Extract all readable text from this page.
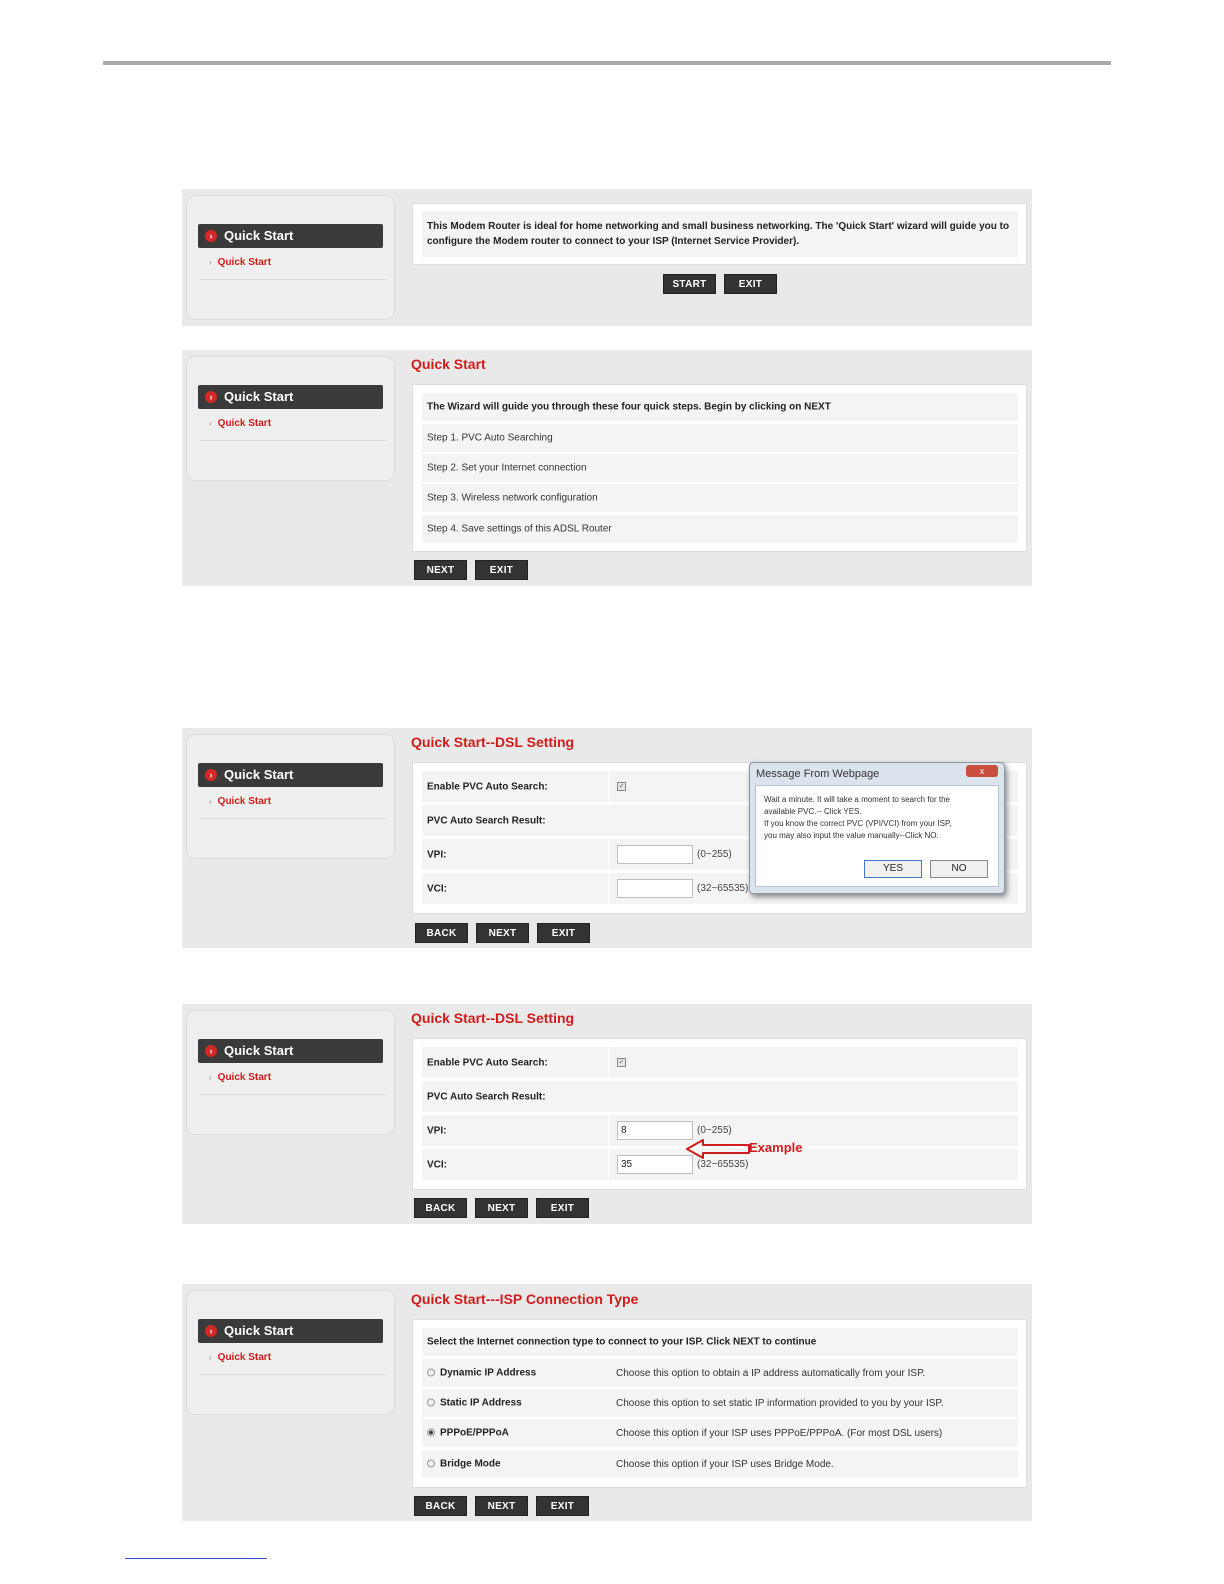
› Quick Start
› Quick Start
This Modem Router is ideal for home networking and small business networking. The 'Quick Start' wizard will guide you to configure the Modem router to connect to your ISP (Internet Service Provider).
START	EXIT
› Quick Start
› Quick Start
Quick Start
The Wizard will guide you through these four quick steps. Begin by clicking on NEXT
Step 1. PVC Auto Searching
Step 2. Set your Internet connection
Step 3. Wireless network configuration
Step 4. Save settings of this ADSL Router
NEXT	EXIT
› Quick Start
› Quick Start
Quick Start--DSL Setting
Enable PVC Auto Search:	✓
PVC Auto Search Result:
VPI:	(0~255)
VCI:	(32~65535)
Message From Webpage	x
Wait a minute. It will take a moment to search for the
available PVC.-- Click YES.
If you know the correct PVC (VPI/VCI) from your ISP,
you may also input the value manually--Click NO.
YES	NO
BACK	NEXT	EXIT
› Quick Start
› Quick Start
Quick Start--DSL Setting
Enable PVC Auto Search:	✓
PVC Auto Search Result:
VPI:	8	(0~255)
VCI:	35	(32~65535)
Example
BACK	NEXT	EXIT
› Quick Start
› Quick Start
Quick Start---ISP Connection Type
Select the Internet connection type to connect to your ISP. Click NEXT to continue
Dynamic IP Address	Choose this option to obtain a IP address automatically from your ISP.
Static IP Address	Choose this option to set static IP information provided to you by your ISP.
PPPoE/PPPoA	Choose this option if your ISP uses PPPoE/PPPoA. (For most DSL users)
Bridge Mode	Choose this option if your ISP uses Bridge Mode.
BACK	NEXT	EXIT
